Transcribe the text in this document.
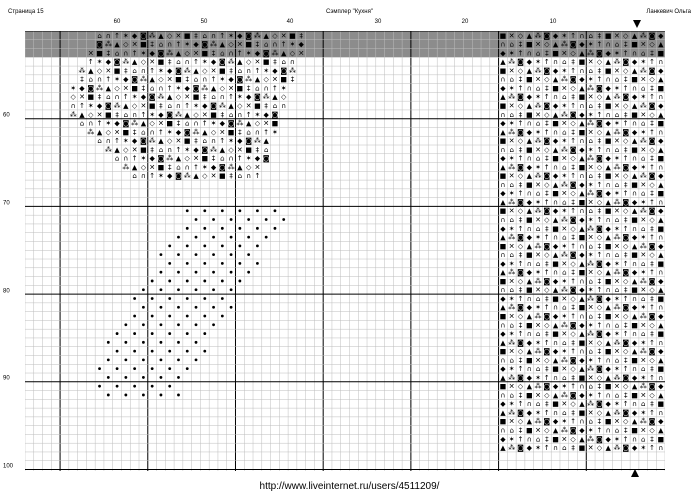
Страница 15	Сэмплер "Кухня"	Ланкевич Ольга
60	50	40	30	20	10
60
70
80
90
100
■ ✕ ◇ ▲ ⁂ ◙ ◆ ✶ ↑ ∩ ⌂ ‡ ■ ✕ ◇ ▲ ⁂ ◙ ◆
∩ ⌂ ‡ ■ ✕ ◇ ▲ ⁂ ◙ ◆ ✶ ↑ ∩ ⌂ ‡ ■ ✕ ◇ ▲
◆ ✶ ↑ ∩ ⌂ ‡ ■ ✕ ◇ ▲ ⁂ ◙ ◆ ✶ ↑ ∩ ⌂ ‡ ■
▲ ⁂ ◙ ◆ ✶ ↑ ∩ ⌂ ‡ ■ ✕ ◇ ▲ ⁂ ◙ ◆ ✶ ↑ ∩
■ ✕ ◇ ▲ ⁂ ◙ ◆ ✶ ↑ ∩ ⌂ ‡ ■ ✕ ◇ ▲ ⁂ ◙ ◆
∩ ⌂ ‡ ■ ✕ ◇ ▲ ⁂ ◙ ◆ ✶ ↑ ∩ ⌂ ‡ ■ ✕ ◇ ▲
◆ ✶ ↑ ∩ ⌂ ‡ ■ ✕ ◇ ▲ ⁂ ◙ ◆ ✶ ↑ ∩ ⌂ ‡ ■
▲ ⁂ ◙ ◆ ✶ ↑ ∩ ⌂ ‡ ■ ✕ ◇ ▲ ⁂ ◙ ◆ ✶ ↑ ∩
■ ✕ ◇ ▲ ⁂ ◙ ◆ ✶ ↑ ∩ ⌂ ‡ ■ ✕ ◇ ▲ ⁂ ◙ ◆
∩ ⌂ ‡ ■ ✕ ◇ ▲ ⁂ ◙ ◆ ✶ ↑ ∩ ⌂ ‡ ■ ✕ ◇ ▲
◆ ✶ ↑ ∩ ⌂ ‡ ■ ✕ ◇ ▲ ⁂ ◙ ◆ ✶ ↑ ∩ ⌂ ‡ ■
▲ ⁂ ◙ ◆ ✶ ↑ ∩ ⌂ ‡ ■ ✕ ◇ ▲ ⁂ ◙ ◆ ✶ ↑ ∩
■ ✕ ◇ ▲ ⁂ ◙ ◆ ✶ ↑ ∩ ⌂ ‡ ■ ✕ ◇ ▲ ⁂ ◙ ◆
∩ ⌂ ‡ ■ ✕ ◇ ▲ ⁂ ◙ ◆ ✶ ↑ ∩ ⌂ ‡ ■ ✕ ◇ ▲
◆ ✶ ↑ ∩ ⌂ ‡ ■ ✕ ◇ ▲ ⁂ ◙ ◆ ✶ ↑ ∩ ⌂ ‡ ■
▲ ⁂ ◙ ◆ ✶ ↑ ∩ ⌂ ‡ ■ ✕ ◇ ▲ ⁂ ◙ ◆ ✶ ↑ ∩
■ ✕ ◇ ▲ ⁂ ◙ ◆ ✶ ↑ ∩ ⌂ ‡ ■ ✕ ◇ ▲ ⁂ ◙ ◆
∩ ⌂ ‡ ■ ✕ ◇ ▲ ⁂ ◙ ◆ ✶ ↑ ∩ ⌂ ‡ ■ ✕ ◇ ▲
◆ ✶ ↑ ∩ ⌂ ‡ ■ ✕ ◇ ▲ ⁂ ◙ ◆ ✶ ↑ ∩ ⌂ ‡ ■
▲ ⁂ ◙ ◆ ✶ ↑ ∩ ⌂ ‡ ■ ✕ ◇ ▲ ⁂ ◙ ◆ ✶ ↑ ∩
■ ✕ ◇ ▲ ⁂ ◙ ◆ ✶ ↑ ∩ ⌂ ‡ ■ ✕ ◇ ▲ ⁂ ◙ ◆
∩ ⌂ ‡ ■ ✕ ◇ ▲ ⁂ ◙ ◆ ✶ ↑ ∩ ⌂ ‡ ■ ✕ ◇ ▲
◆ ✶ ↑ ∩ ⌂ ‡ ■ ✕ ◇ ▲ ⁂ ◙ ◆ ✶ ↑ ∩ ⌂ ‡ ■
▲ ⁂ ◙ ◆ ✶ ↑ ∩ ⌂ ‡ ■ ✕ ◇ ▲ ⁂ ◙ ◆ ✶ ↑ ∩
■ ✕ ◇ ▲ ⁂ ◙ ◆ ✶ ↑ ∩ ⌂ ‡ ■ ✕ ◇ ▲ ⁂ ◙ ◆
∩ ⌂ ‡ ■ ✕ ◇ ▲ ⁂ ◙ ◆ ✶ ↑ ∩ ⌂ ‡ ■ ✕ ◇ ▲
◆ ✶ ↑ ∩ ⌂ ‡ ■ ✕ ◇ ▲ ⁂ ◙ ◆ ✶ ↑ ∩ ⌂ ‡ ■
▲ ⁂ ◙ ◆ ✶ ↑ ∩ ⌂ ‡ ■ ✕ ◇ ▲ ⁂ ◙ ◆ ✶ ↑ ∩
■ ✕ ◇ ▲ ⁂ ◙ ◆ ✶ ↑ ∩ ⌂ ‡ ■ ✕ ◇ ▲ ⁂ ◙ ◆
∩ ⌂ ‡ ■ ✕ ◇ ▲ ⁂ ◙ ◆ ✶ ↑ ∩ ⌂ ‡ ■ ✕ ◇ ▲
◆ ✶ ↑ ∩ ⌂ ‡ ■ ✕ ◇ ▲ ⁂ ◙ ◆ ✶ ↑ ∩ ⌂ ‡ ■
▲ ⁂ ◙ ◆ ✶ ↑ ∩ ⌂ ‡ ■ ✕ ◇ ▲ ⁂ ◙ ◆ ✶ ↑ ∩
■ ✕ ◇ ▲ ⁂ ◙ ◆ ✶ ↑ ∩ ⌂ ‡ ■ ✕ ◇ ▲ ⁂ ◙ ◆
∩ ⌂ ‡ ■ ✕ ◇ ▲ ⁂ ◙ ◆ ✶ ↑ ∩ ⌂ ‡ ■ ✕ ◇ ▲
◆ ✶ ↑ ∩ ⌂ ‡ ■ ✕ ◇ ▲ ⁂ ◙ ◆ ✶ ↑ ∩ ⌂ ‡ ■
▲ ⁂ ◙ ◆ ✶ ↑ ∩ ⌂ ‡ ■ ✕ ◇ ▲ ⁂ ◙ ◆ ✶ ↑ ∩
■ ✕ ◇ ▲ ⁂ ◙ ◆ ✶ ↑ ∩ ⌂ ‡ ■ ✕ ◇ ▲ ⁂ ◙ ◆
∩ ⌂ ‡ ■ ✕ ◇ ▲ ⁂ ◙ ◆ ✶ ↑ ∩ ⌂ ‡ ■ ✕ ◇ ▲
◆ ✶ ↑ ∩ ⌂ ‡ ■ ✕ ◇ ▲ ⁂ ◙ ◆ ✶ ↑ ∩ ⌂ ‡ ■
▲ ⁂ ◙ ◆ ✶ ↑ ∩ ⌂ ‡ ■ ✕ ◇ ▲ ⁂ ◙ ◆ ✶ ↑ ∩
■ ✕ ◇ ▲ ⁂ ◙ ◆ ✶ ↑ ∩ ⌂ ‡ ■ ✕ ◇ ▲ ⁂ ◙ ◆
∩ ⌂ ‡ ■ ✕ ◇ ▲ ⁂ ◙ ◆ ✶ ↑ ∩ ⌂ ‡ ■ ✕ ◇ ▲
◆ ✶ ↑ ∩ ⌂ ‡ ■ ✕ ◇ ▲ ⁂ ◙ ◆ ✶ ↑ ∩ ⌂ ‡ ■
▲ ⁂ ◙ ◆ ✶ ↑ ∩ ⌂ ‡ ■ ✕ ◇ ▲ ⁂ ◙ ◆ ✶ ↑ ∩
■ ✕ ◇ ▲ ⁂ ◙ ◆ ✶ ↑ ∩ ⌂ ‡ ■ ✕ ◇ ▲ ⁂ ◙ ◆
∩ ⌂ ‡ ■ ✕ ◇ ▲ ⁂ ◙ ◆ ✶ ↑ ∩ ⌂ ‡ ■ ✕ ◇ ▲
◆ ✶ ↑ ∩ ⌂ ‡ ■ ✕ ◇ ▲ ⁂ ◙ ◆ ✶ ↑ ∩ ⌂ ‡ ■
▲ ⁂ ◙ ◆ ✶ ↑ ∩ ⌂ ‡ ■ ✕ ◇ ▲ ⁂ ◙ ◆ ✶ ↑ ∩
⌂ ∩ ↑ ✶ ◆ ◙ ⁂ ▲ ◇ ✕ ■ ‡ ⌂ ∩ ↑ ✶ ◆ ◙ ⁂ ▲ ◇ ✕ ■ ‡
◙ ⁂ ▲ ◇ ✕ ■ ‡ ⌂ ∩ ↑ ✶ ◆ ◙ ⁂ ▲ ◇ ✕ ■ ‡ ⌂ ∩ ↑ ✶ ◆
✕ ■ ‡ ⌂ ∩ ↑ ✶ ◆ ◙ ⁂ ▲ ◇ ✕ ■ ‡ ⌂ ∩ ↑ ✶ ◆ ◙ ⁂ ▲ ◇ ✕
↑ ✶ ◆ ◙ ⁂ ▲ ◇ ✕ ■ ‡ ⌂ ∩ ↑ ✶ ◆ ◙ ⁂ ▲ ◇ ✕ ■ ‡ ⌂ ∩
⁂ ▲ ◇ ✕ ■ ‡ ⌂ ∩ ↑ ✶ ◆ ◙ ⁂ ▲ ◇ ✕ ■ ‡ ⌂ ∩ ↑ ✶ ◆ ◙ ⁂
‡ ⌂ ∩ ↑ ✶ ◆ ◙ ⁂ ▲ ◇ ✕ ■ ‡ ⌂ ∩ ↑ ✶ ◆ ◙ ⁂ ▲ ◇ ✕ ■ ‡
✶ ◆ ◙ ⁂ ▲ ◇ ✕ ■ ‡ ⌂ ∩ ↑ ✶ ◆ ◙ ⁂ ▲ ◇ ✕ ■ ‡ ⌂ ∩ ↑ ✶
◇ ✕ ■ ‡ ⌂ ∩ ↑ ✶ ◆ ◙ ⁂ ▲ ◇ ✕ ■ ‡ ⌂ ∩ ↑ ✶ ◆ ◙ ⁂ ▲ ◇
∩ ↑ ✶ ◆ ◙ ⁂ ▲ ◇ ✕ ■ ‡ ⌂ ∩ ↑ ✶ ◆ ◙ ⁂ ▲ ◇ ✕ ■ ‡ ⌂ ∩
⁂ ▲ ◇ ✕ ■ ‡ ⌂ ∩ ↑ ✶ ◆ ◙ ⁂ ▲ ◇ ✕ ■ ‡ ⌂ ∩ ↑ ✶ ◆ ◙
⌂ ∩ ↑ ✶ ◆ ◙ ⁂ ▲ ◇ ✕ ■ ‡ ⌂ ∩ ↑ ✶ ◆ ◙ ⁂ ▲ ◇ ✕ ■
⁂ ▲ ◇ ✕ ■ ‡ ⌂ ∩ ↑ ✶ ◆ ◙ ⁂ ▲ ◇ ✕ ■ ‡ ⌂ ∩ ↑ ✶
⌂ ∩ ↑ ✶ ◆ ◙ ⁂ ▲ ◇ ✕ ■ ‡ ⌂ ∩ ↑ ✶ ◆ ◙ ⁂ ▲
⁂ ▲ ◇ ✕ ■ ‡ ⌂ ∩ ↑ ✶ ◆ ◙ ⁂ ▲ ◇ ✕ ■ ‡ ⌂
⌂ ∩ ↑ ✶ ◆ ◙ ⁂ ▲ ◇ ✕ ■ ‡ ⌂ ∩ ↑ ✶ ◆ ◙
⁂ ▲ ◇ ✕ ■ ‡ ⌂ ∩ ↑ ✶ ◆ ◙ ⁂ ▲ ◇ ✕
⌂ ∩ ↑ ✶ ◆ ◙ ⁂ ▲ ◇ ✕ ■ ‡ ⌂ ∩ ↑
http://www.liveinternet.ru/users/4511209/
